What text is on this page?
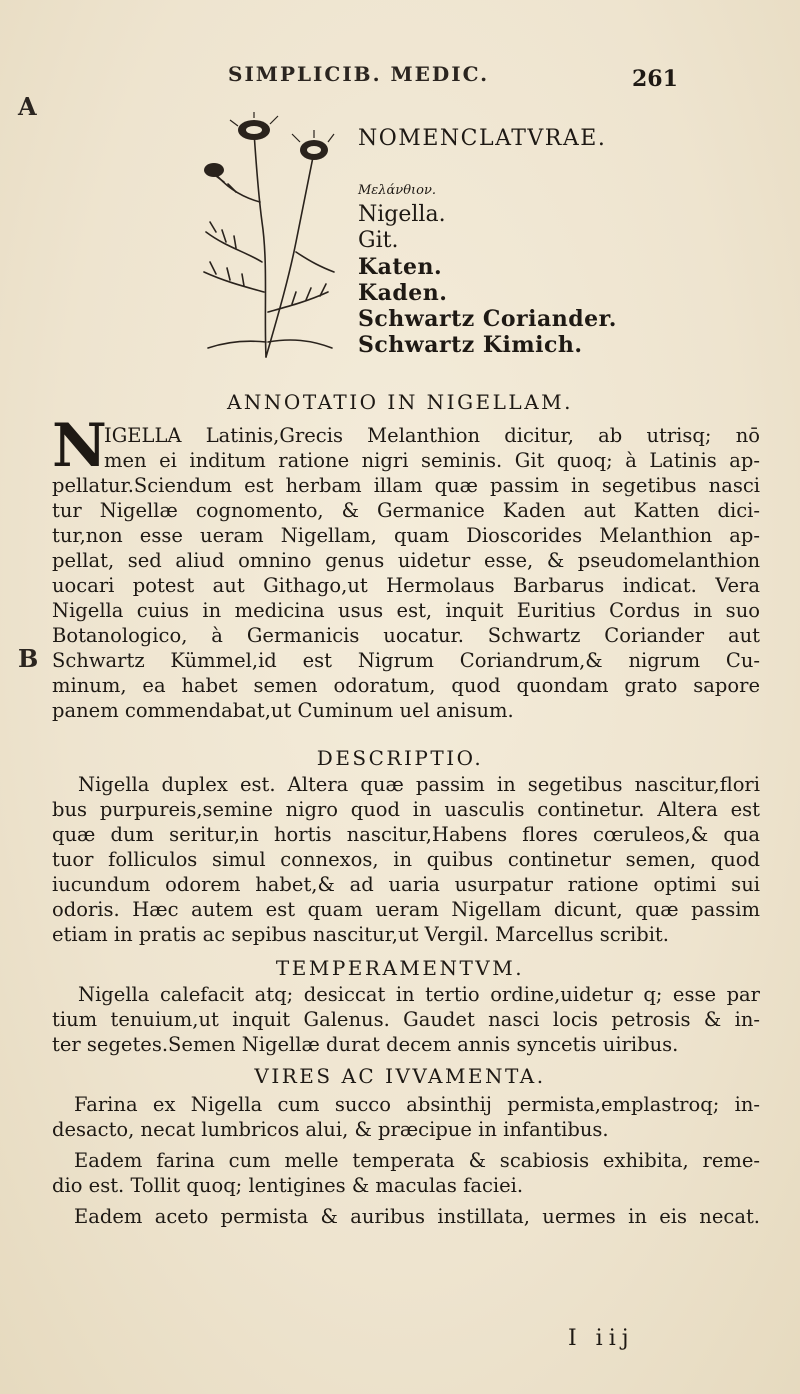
SIMPLICIB. MEDIC.	261
A
B
NOMENCLATVRAE.
Μελάνθιον.
Nigella.
Git.
Katen.
Kaden.
Schwartz Coriander.
Schwartz Kimich.
ANNOTATIO IN NIGELLAM.
N
IGELLA Latinis,Grecis Melanthion dicitur, ab utrisq; nō
men ei inditum ratione nigri seminis. Git quoq; à Latinis ap-
pellatur.Sciendum est herbam illam quæ passim in segetibus nasci
tur Nigellæ cognomento, & Germanice Kaden aut Katten dici-
tur,non esse ueram Nigellam, quam Dioscorides Melanthion ap-
pellat, sed aliud omnino genus uidetur esse, & pseudomelanthion
uocari potest aut Githago,ut Hermolaus Barbarus indicat. Vera
Nigella cuius in medicina usus est, inquit Euritius Cordus in suo
Botanologico, à Germanicis uocatur. Schwartz Coriander aut
Schwartz Kümmel,id est Nigrum Coriandrum,& nigrum Cu-
minum, ea habet semen odoratum, quod quondam grato sapore
panem commendabat,ut Cuminum uel anisum.
DESCRIPTIO.
Nigella duplex est. Altera quæ passim in segetibus nascitur,flori
bus purpureis,semine nigro quod in uasculis continetur. Altera est
quæ dum seritur,in hortis nascitur,Habens flores cœruleos,& qua
tuor folliculos simul connexos, in quibus continetur semen, quod
iucundum odorem habet,& ad uaria usurpatur ratione optimi sui
odoris. Hæc autem est quam ueram Nigellam dicunt, quæ passim
etiam in pratis ac sepibus nascitur,ut Vergil. Marcellus scribit.
TEMPERAMENTVM.
Nigella calefacit atq; desiccat in tertio ordine,uidetur q; esse par
tium tenuium,ut inquit Galenus. Gaudet nasci locis petrosis & in-
ter segetes.Semen Nigellæ durat decem annis syncetis uiribus.
VIRES AC IVVAMENTA.
Farina ex Nigella cum succo absinthij permista,emplastroq; in-
desacto, necat lumbricos alui, & præcipue in infantibus.
Eadem farina cum melle temperata & scabiosis exhibita, reme-
dio est. Tollit quoq; lentigines & maculas faciei.
Eadem aceto permista & auribus instillata, uermes in eis necat.
I iij
